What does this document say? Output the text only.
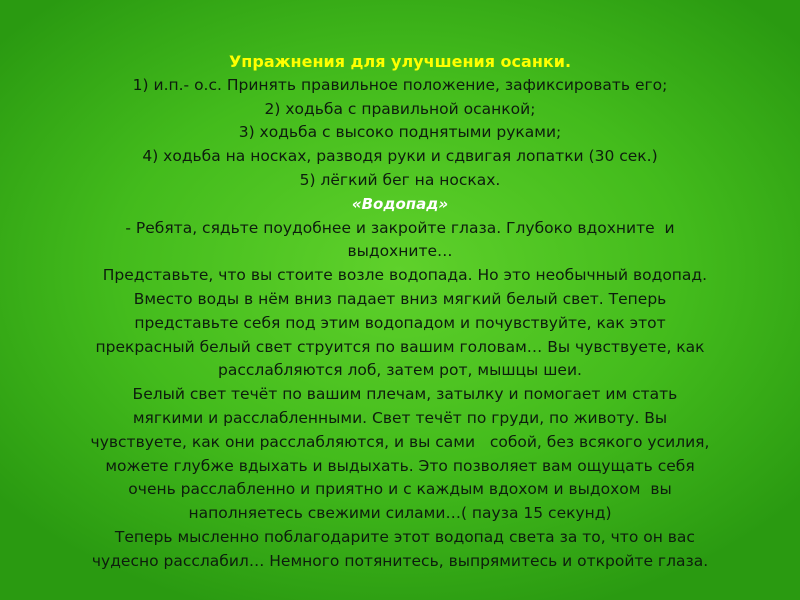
Упражнения для улучшения осанки.
1) и.п.- о.с. Принять правильное положение, зафиксировать его;
2) ходьба с правильной осанкой;
3) ходьба с высоко поднятыми руками;
4) ходьба на носках, разводя руки и сдвигая лопатки (30 сек.)
5) лёгкий бег на носках.
«Водопад»
- Ребята, сядьте поудобнее и закройте глаза. Глубоко вдохните  и
выдохните…
Представьте, что вы стоите возле водопада. Но это необычный водопад.
Вместо воды в нём вниз падает вниз мягкий белый свет. Теперь
представьте себя под этим водопадом и почувствуйте, как этот
прекрасный белый свет струится по вашим головам… Вы чувствуете, как
расслабляются лоб, затем рот, мышцы шеи.
Белый свет течёт по вашим плечам, затылку и помогает им стать
мягкими и расслабленными. Свет течёт по груди, по животу. Вы
чувствуете, как они расслабляются, и вы сами   собой, без всякого усилия,
можете глубже вдыхать и выдыхать. Это позволяет вам ощущать себя
очень расслабленно и приятно и с каждым вдохом и выдохом  вы
наполняетесь свежими силами…( пауза 15 секунд)
Теперь мысленно поблагодарите этот водопад света за то, что он вас
чудесно расслабил… Немного потянитесь, выпрямитесь и откройте глаза.
